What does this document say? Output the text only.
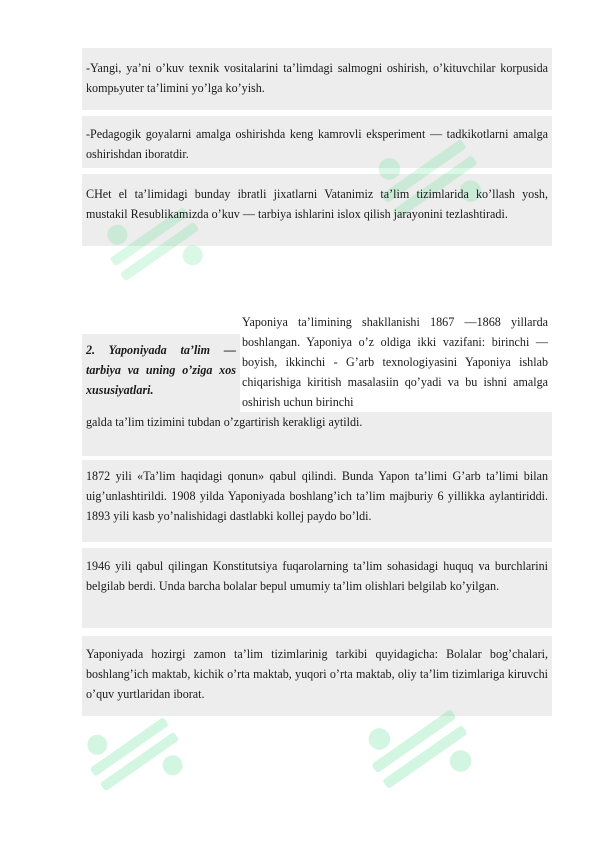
-Yangi, ya’ni o’kuv texnik vositalarini ta’limdagi salmogni oshirish, o’kituvchilar korpusida kompьyuter ta’limini yo’lga ko’yish.

-Pedagogik goyalarni amalga oshirishda keng kamrovli eksperiment — tadkikotlarni amalga oshirishdan iboratdir.

CHet el ta’limidagi bunday ibratli jixatlarni Vatanimiz ta’lim tizimlarida ko’llash yosh, mustakil Resublikamizda o’kuv — tarbiya ishlarini islox qilish jarayonini tezlashtiradi.

2. Yaponiyada ta’lim — tarbiya va uning o’ziga xos xususiyatlari.

Yaponiya ta’limining shakllanishi 1867 —1868 yillarda boshlangan. Yaponiya o’z oldiga ikki vazifani: birinchi — boyish, ikkinchi - G’arb texnologiyasini Yaponiya ishlab chiqarishiga kiritish masalasiin qo’yadi va bu ishni amalga oshirish uchun birinchi

galda ta’lim tizimini tubdan o’zgartirish kerakligi aytildi.

1872 yili «Ta’lim haqidagi qonun» qabul qilindi. Bunda Yapon ta’limi G’arb ta’limi bilan uig’unlashtirildi. 1908 yilda Yaponiyada boshlang’ich ta’lim majburiy 6 yillikka aylantiriddi. 1893 yili kasb yo’nalishidagi dastlabki kollej paydo bo’ldi.

1946 yili qabul qilingan Konstitutsiya fuqarolarning ta’lim sohasidagi huquq va burchlarini belgilab berdi. Unda barcha bolalar bepul umumiy ta’lim olishlari belgilab ko’yilgan.

Yaponiyada hozirgi zamon ta’lim tizimlarinig tarkibi quyidagicha: Bolalar bog’chalari, boshlang’ich maktab, kichik o’rta maktab, yuqori o’rta maktab, oliy ta’lim tizimlariga kiruvchi o’quv yurtlaridan iborat.
